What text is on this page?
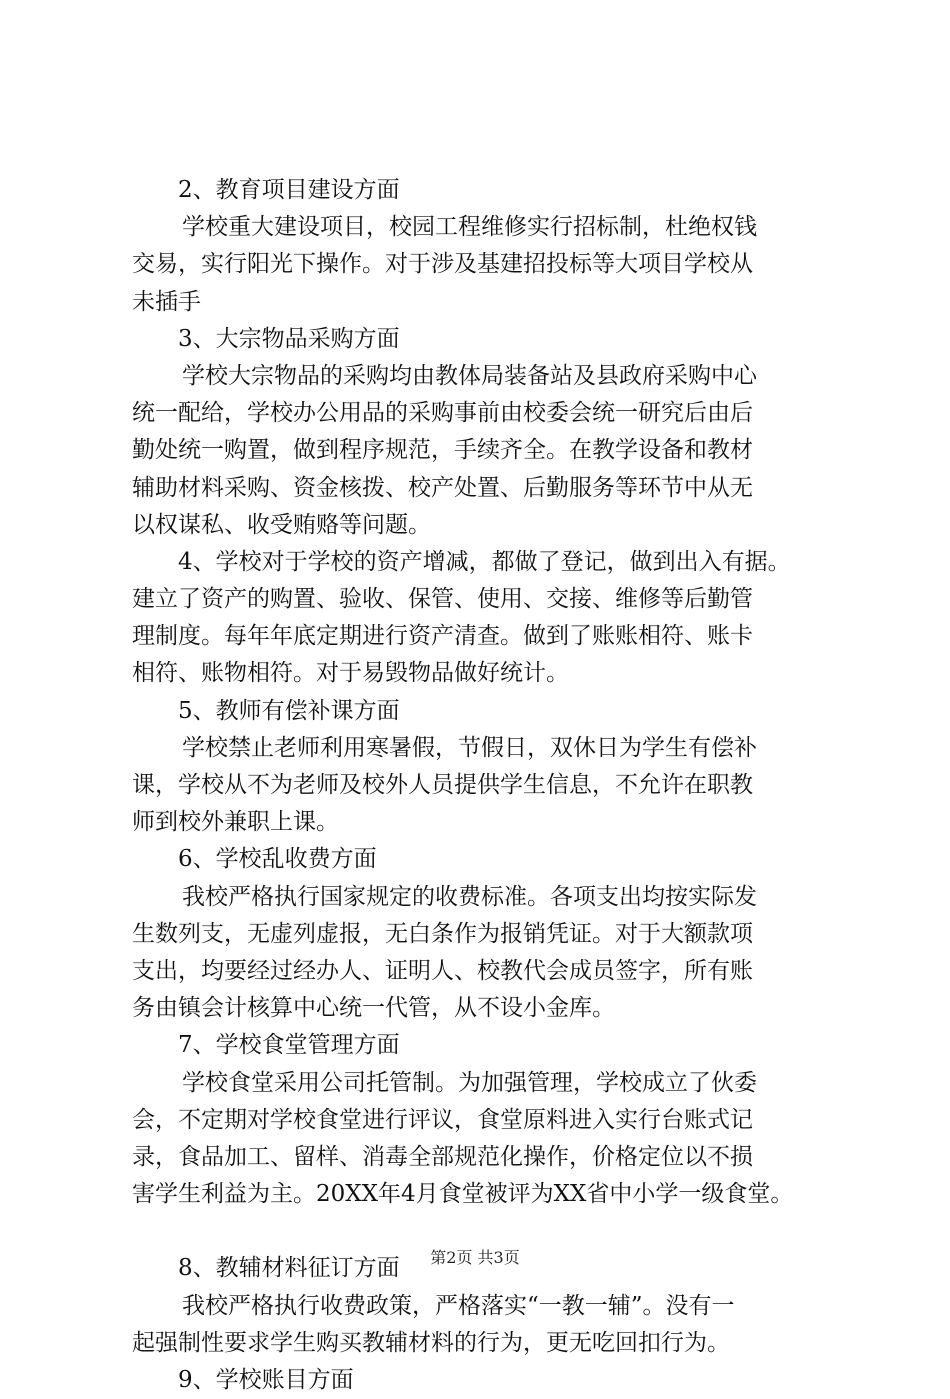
2、教育项目建设方面
学校重大建设项目，校园工程维修实行招标制，杜绝权钱
交易，实行阳光下操作。对于涉及基建招投标等大项目学校从
未插手
3、大宗物品采购方面
学校大宗物品的采购均由教体局装备站及县政府采购中心
统一配给，学校办公用品的采购事前由校委会统一研究后由后
勤处统一购置，做到程序规范，手续齐全。在教学设备和教材
辅助材料采购、资金核拨、校产处置、后勤服务等环节中从无
以权谋私、收受贿赂等问题。
4、学校对于学校的资产增减，都做了登记，做到出入有据。
建立了资产的购置、验收、保管、使用、交接、维修等后勤管
理制度。每年年底定期进行资产清查。做到了账账相符、账卡
相符、账物相符。对于易毁物品做好统计。
5、教师有偿补课方面
学校禁止老师利用寒暑假，节假日，双休日为学生有偿补
课，学校从不为老师及校外人员提供学生信息，不允许在职教
师到校外兼职上课。
6、学校乱收费方面
我校严格执行国家规定的收费标准。各项支出均按实际发
生数列支，无虚列虚报，无白条作为报销凭证。对于大额款项
支出，均要经过经办人、证明人、校教代会成员签字，所有账
务由镇会计核算中心统一代管，从不设小金库。
7、学校食堂管理方面
学校食堂采用公司托管制。为加强管理，学校成立了伙委
会，不定期对学校食堂进行评议，食堂原料进入实行台账式记
录，食品加工、留样、消毒全部规范化操作，价格定位以不损
害学生利益为主。20XX年4月食堂被评为XX省中小学一级食堂。
8、教辅材料征订方面
我校严格执行收费政策，严格落实“一教一辅”。没有一
起强制性要求学生购买教辅材料的行为，更无吃回扣行为。
9、学校账目方面
第2页 共3页
